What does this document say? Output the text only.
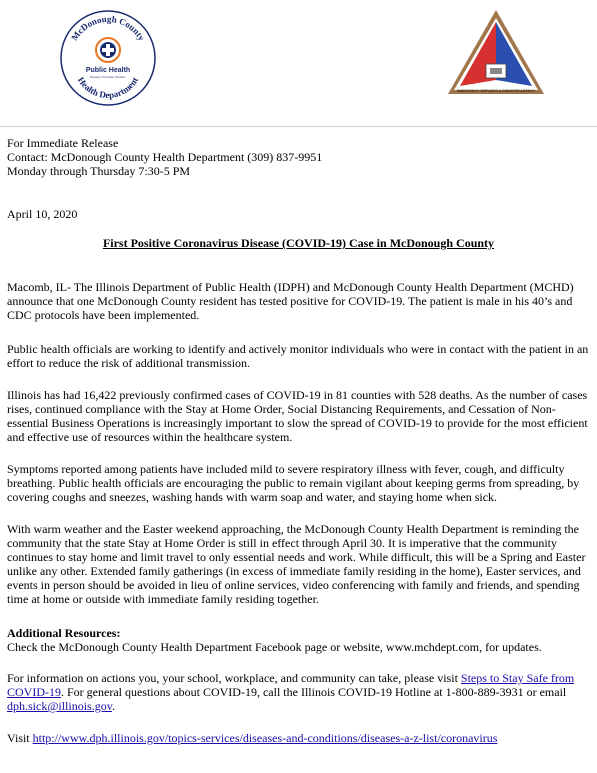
McDonough County
Health Department
Public Health
Prevent. Promote. Protect.
EMERGENCY SERVICES & DISASTER AGENCY
For Immediate Release
Contact: McDonough County Health Department (309) 837-9951
Monday through Thursday 7:30-5 PM
April 10, 2020
First Positive Coronavirus Disease (COVID-19) Case in McDonough County

Macomb, IL- The Illinois Department of Public Health (IDPH) and McDonough County Health Department (MCHD) announce that one McDonough County resident has tested positive for COVID-19. The patient is male in his 40’s and CDC protocols have been implemented.

Public health officials are working to identify and actively monitor individuals who were in contact with the patient in an effort to reduce the risk of additional transmission.

Illinois has had 16,422 previously confirmed cases of COVID-19 in 81 counties with 528 deaths. As the number of cases rises, continued compliance with the Stay at Home Order, Social Distancing Requirements, and Cessation of Non-essential Business Operations is increasingly important to slow the spread of COVID-19 to provide for the most efficient and effective use of resources within the healthcare system.

Symptoms reported among patients have included mild to severe respiratory illness with fever, cough, and difficulty breathing. Public health officials are encouraging the public to remain vigilant about keeping germs from spreading, by covering coughs and sneezes, washing hands with warm soap and water, and staying home when sick.

With warm weather and the Easter weekend approaching, the McDonough County Health Department is reminding the community that the state Stay at Home Order is still in effect through April 30. It is imperative that the community continues to stay home and limit travel to only essential needs and work. While difficult, this will be a Spring and Easter unlike any other. Extended family gatherings (in excess of immediate family residing in the home), Easter services, and events in person should be avoided in lieu of online services, video conferencing with family and friends, and spending time at home or outside with immediate family residing together.

Additional Resources:
Check the McDonough County Health Department Facebook page or website, www.mchdept.com, for updates.
For information on actions you, your school, workplace, and community can take, please visit Steps to Stay Safe from COVID-19. For general questions about COVID-19, call the Illinois COVID-19 Hotline at 1-800-889-3931 or email dph.sick@illinois.gov.
Visit http://www.dph.illinois.gov/topics-services/diseases-and-conditions/diseases-a-z-list/coronavirus
